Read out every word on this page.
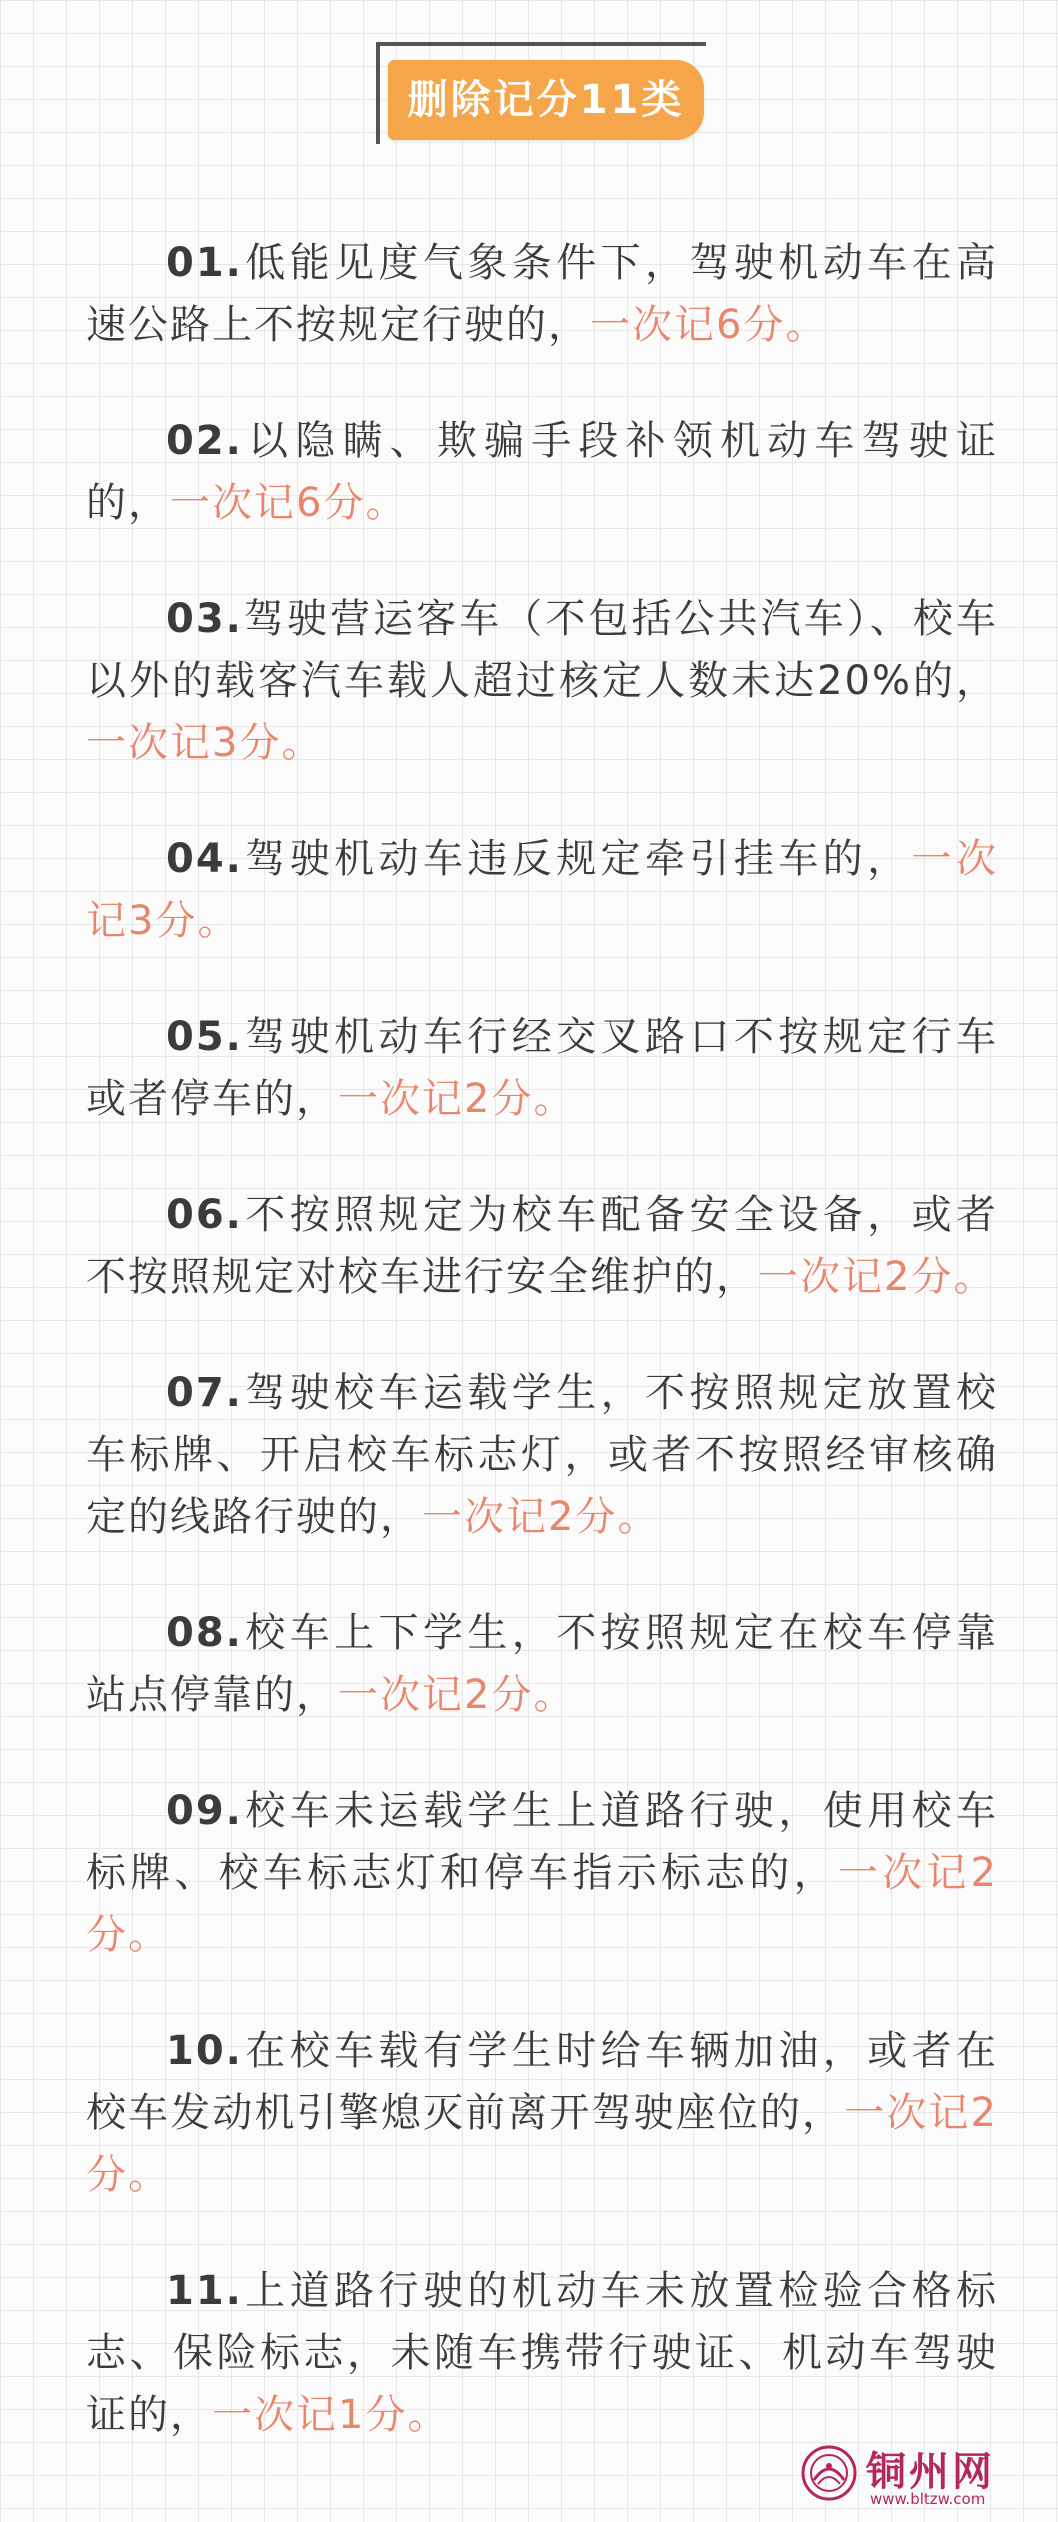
删除记分11类
01.低能见度气象条件下，驾驶机动车在高速公路上不按规定行驶的，一次记6分。
02.以隐瞒、欺骗手段补领机动车驾驶证的，一次记6分。
03.驾驶营运客车（不包括公共汽车）、校车以外的载客汽车载人超过核定人数未达20%的，一次记3分。
04.驾驶机动车违反规定牵引挂车的，一次记3分。
05.驾驶机动车行经交叉路口不按规定行车或者停车的，一次记2分。
06.不按照规定为校车配备安全设备，或者不按照规定对校车进行安全维护的，一次记2分。
07.驾驶校车运载学生，不按照规定放置校车标牌、开启校车标志灯，或者不按照经审核确定的线路行驶的，一次记2分。
08.校车上下学生，不按照规定在校车停靠站点停靠的，一次记2分。
09.校车未运载学生上道路行驶，使用校车标牌、校车标志灯和停车指示标志的，一次记2分。
10.在校车载有学生时给车辆加油，或者在校车发动机引擎熄灭前离开驾驶座位的，一次记2分。
11.上道路行驶的机动车未放置检验合格标志、保险标志，未随车携带行驶证、机动车驾驶证的，一次记1分。
铜州网
www.bltzw.com
